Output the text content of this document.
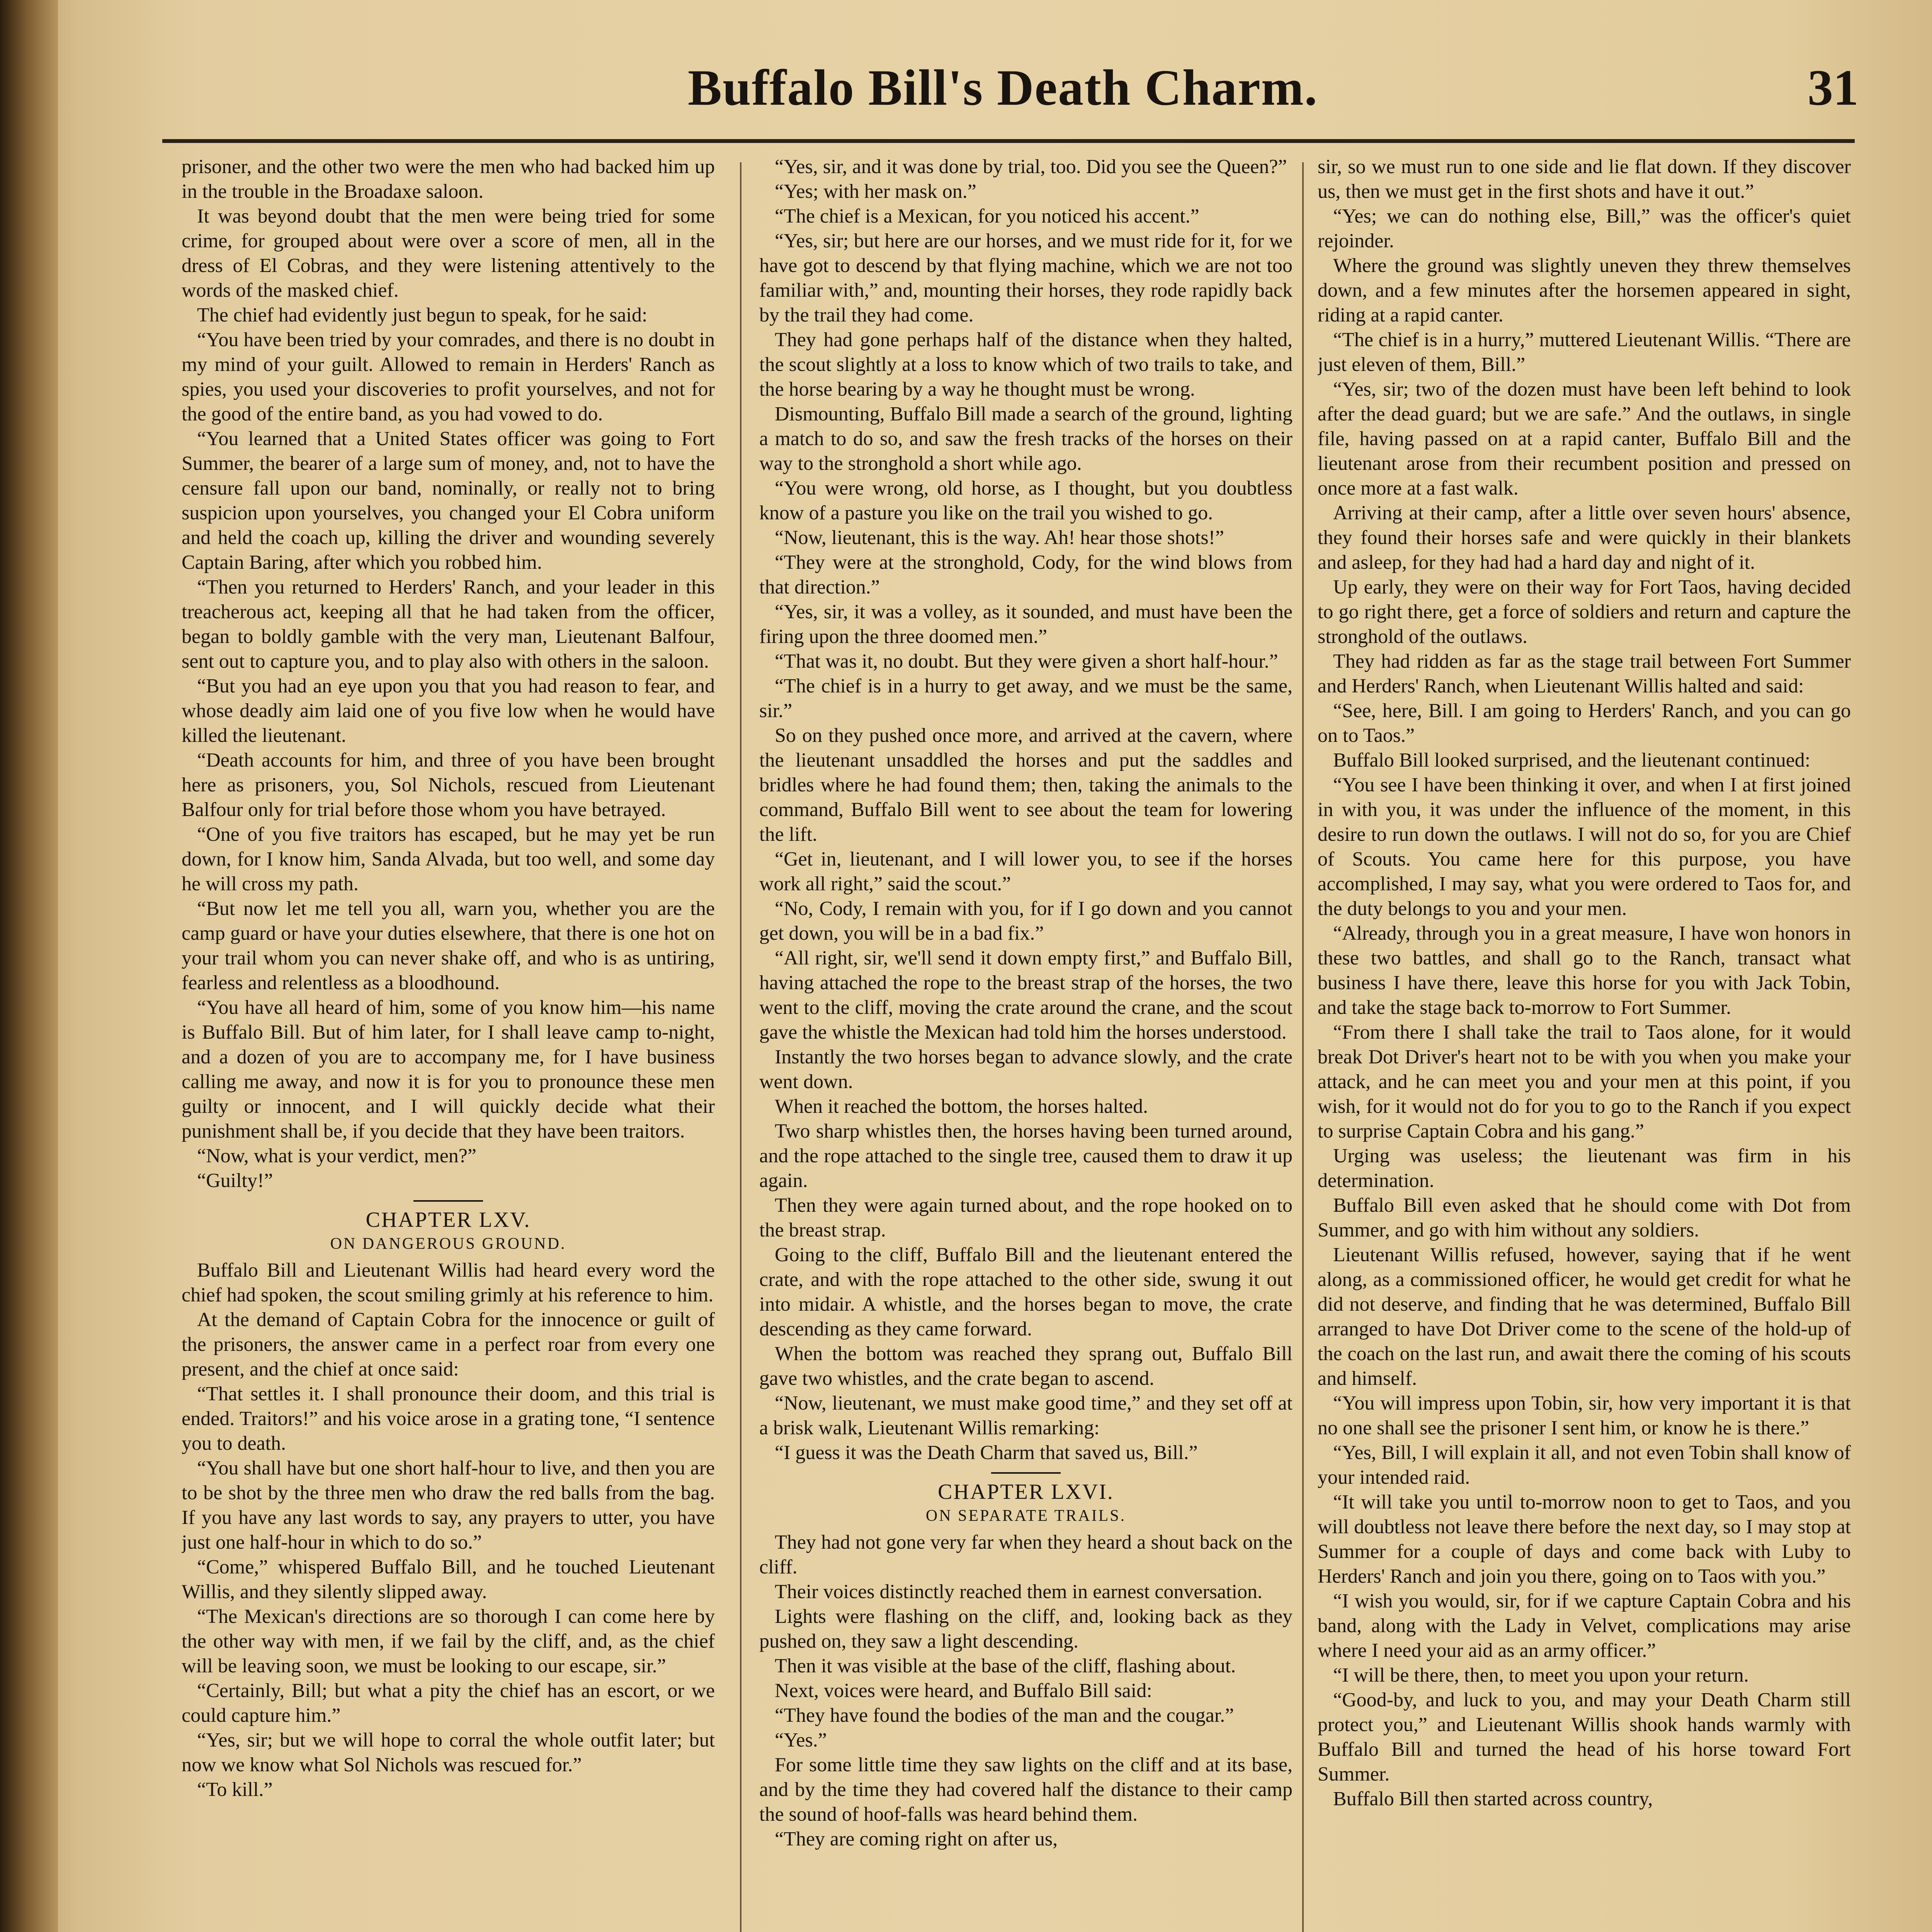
Buffalo Bill's Death Charm.	31

prisoner, and the other two were the men who had backed him up in the trouble in the Broadaxe saloon.

It was beyond doubt that the men were being tried for some crime, for grouped about were over a score of men, all in the dress of El Cobras, and they were listening attentively to the words of the masked chief.

The chief had evidently just begun to speak, for he said:

“You have been tried by your comrades, and there is no doubt in my mind of your guilt. Allowed to remain in Herders' Ranch as spies, you used your discoveries to profit yourselves, and not for the good of the entire band, as you had vowed to do.

“You learned that a United States officer was going to Fort Summer, the bearer of a large sum of money, and, not to have the censure fall upon our band, nominally, or really not to bring suspicion upon yourselves, you changed your El Cobra uniform and held the coach up, killing the driver and wounding severely Captain Baring, after which you robbed him.

“Then you returned to Herders' Ranch, and your leader in this treacherous act, keeping all that he had taken from the officer, began to boldly gamble with the very man, Lieutenant Balfour, sent out to capture you, and to play also with others in the saloon.

“But you had an eye upon you that you had reason to fear, and whose deadly aim laid one of you five low when he would have killed the lieutenant.

“Death accounts for him, and three of you have been brought here as prisoners, you, Sol Nichols, rescued from Lieutenant Balfour only for trial before those whom you have betrayed.

“One of you five traitors has escaped, but he may yet be run down, for I know him, Sanda Alvada, but too well, and some day he will cross my path.

“But now let me tell you all, warn you, whether you are the camp guard or have your duties elsewhere, that there is one hot on your trail whom you can never shake off, and who is as untiring, fearless and relentless as a bloodhound.

“You have all heard of him, some of you know him—his name is Buffalo Bill. But of him later, for I shall leave camp to-night, and a dozen of you are to accompany me, for I have business calling me away, and now it is for you to pronounce these men guilty or innocent, and I will quickly decide what their punishment shall be, if you decide that they have been traitors.

“Now, what is your verdict, men?”

“Guilty!”

CHAPTER LXV.
ON DANGEROUS GROUND.

Buffalo Bill and Lieutenant Willis had heard every word the chief had spoken, the scout smiling grimly at his reference to him.

At the demand of Captain Cobra for the innocence or guilt of the prisoners, the answer came in a perfect roar from every one present, and the chief at once said:

“That settles it. I shall pronounce their doom, and this trial is ended. Traitors!” and his voice arose in a grating tone, “I sentence you to death.

“You shall have but one short half-hour to live, and then you are to be shot by the three men who draw the red balls from the bag. If you have any last words to say, any prayers to utter, you have just one half-hour in which to do so.”

“Come,” whispered Buffalo Bill, and he touched Lieutenant Willis, and they silently slipped away.

“The Mexican's directions are so thorough I can come here by the other way with men, if we fail by the cliff, and, as the chief will be leaving soon, we must be looking to our escape, sir.”

“Certainly, Bill; but what a pity the chief has an escort, or we could capture him.”

“Yes, sir; but we will hope to corral the whole outfit later; but now we know what Sol Nichols was rescued for.”

“To kill.”

“Yes, sir, and it was done by trial, too. Did you see the Queen?”

“Yes; with her mask on.”

“The chief is a Mexican, for you noticed his accent.”

“Yes, sir; but here are our horses, and we must ride for it, for we have got to descend by that flying machine, which we are not too familiar with,” and, mounting their horses, they rode rapidly back by the trail they had come.

They had gone perhaps half of the distance when they halted, the scout slightly at a loss to know which of two trails to take, and the horse bearing by a way he thought must be wrong.

Dismounting, Buffalo Bill made a search of the ground, lighting a match to do so, and saw the fresh tracks of the horses on their way to the stronghold a short while ago.

“You were wrong, old horse, as I thought, but you doubtless know of a pasture you like on the trail you wished to go.

“Now, lieutenant, this is the way. Ah! hear those shots!”

“They were at the stronghold, Cody, for the wind blows from that direction.”

“Yes, sir, it was a volley, as it sounded, and must have been the firing upon the three doomed men.”

“That was it, no doubt. But they were given a short half-hour.”

“The chief is in a hurry to get away, and we must be the same, sir.”

So on they pushed once more, and arrived at the cavern, where the lieutenant unsaddled the horses and put the saddles and bridles where he had found them; then, taking the animals to the command, Buffalo Bill went to see about the team for lowering the lift.

“Get in, lieutenant, and I will lower you, to see if the horses work all right,” said the scout.”

“No, Cody, I remain with you, for if I go down and you cannot get down, you will be in a bad fix.”

“All right, sir, we'll send it down empty first,” and Buffalo Bill, having attached the rope to the breast strap of the horses, the two went to the cliff, moving the crate around the crane, and the scout gave the whistle the Mexican had told him the horses understood.

Instantly the two horses began to advance slowly, and the crate went down.

When it reached the bottom, the horses halted.

Two sharp whistles then, the horses having been turned around, and the rope attached to the single tree, caused them to draw it up again.

Then they were again turned about, and the rope hooked on to the breast strap.

Going to the cliff, Buffalo Bill and the lieutenant entered the crate, and with the rope attached to the other side, swung it out into midair. A whistle, and the horses began to move, the crate descending as they came forward.

When the bottom was reached they sprang out, Buffalo Bill gave two whistles, and the crate began to ascend.

“Now, lieutenant, we must make good time,” and they set off at a brisk walk, Lieutenant Willis remarking:

“I guess it was the Death Charm that saved us, Bill.”

CHAPTER LXVI.
ON SEPARATE TRAILS.

They had not gone very far when they heard a shout back on the cliff.

Their voices distinctly reached them in earnest conversation.

Lights were flashing on the cliff, and, looking back as they pushed on, they saw a light descending.

Then it was visible at the base of the cliff, flashing about.

Next, voices were heard, and Buffalo Bill said:

“They have found the bodies of the man and the cougar.”

“Yes.”

For some little time they saw lights on the cliff and at its base, and by the time they had covered half the distance to their camp the sound of hoof-falls was heard behind them.

“They are coming right on after us,

sir, so we must run to one side and lie flat down. If they discover us, then we must get in the first shots and have it out.”

“Yes; we can do nothing else, Bill,” was the officer's quiet rejoinder.

Where the ground was slightly uneven they threw themselves down, and a few minutes after the horsemen appeared in sight, riding at a rapid canter.

“The chief is in a hurry,” muttered Lieutenant Willis. “There are just eleven of them, Bill.”

“Yes, sir; two of the dozen must have been left behind to look after the dead guard; but we are safe.” And the outlaws, in single file, having passed on at a rapid canter, Buffalo Bill and the lieutenant arose from their recumbent position and pressed on once more at a fast walk.

Arriving at their camp, after a little over seven hours' absence, they found their horses safe and were quickly in their blankets and asleep, for they had had a hard day and night of it.

Up early, they were on their way for Fort Taos, having decided to go right there, get a force of soldiers and return and capture the stronghold of the outlaws.

They had ridden as far as the stage trail between Fort Summer and Herders' Ranch, when Lieutenant Willis halted and said:

“See, here, Bill. I am going to Herders' Ranch, and you can go on to Taos.”

Buffalo Bill looked surprised, and the lieutenant continued:

“You see I have been thinking it over, and when I at first joined in with you, it was under the influence of the moment, in this desire to run down the outlaws. I will not do so, for you are Chief of Scouts. You came here for this purpose, you have accomplished, I may say, what you were ordered to Taos for, and the duty belongs to you and your men.

“Already, through you in a great measure, I have won honors in these two battles, and shall go to the Ranch, transact what business I have there, leave this horse for you with Jack Tobin, and take the stage back to-morrow to Fort Summer.

“From there I shall take the trail to Taos alone, for it would break Dot Driver's heart not to be with you when you make your attack, and he can meet you and your men at this point, if you wish, for it would not do for you to go to the Ranch if you expect to surprise Captain Cobra and his gang.”

Urging was useless; the lieutenant was firm in his determination.

Buffalo Bill even asked that he should come with Dot from Summer, and go with him without any soldiers.

Lieutenant Willis refused, however, saying that if he went along, as a commissioned officer, he would get credit for what he did not deserve, and finding that he was determined, Buffalo Bill arranged to have Dot Driver come to the scene of the hold-up of the coach on the last run, and await there the coming of his scouts and himself.

“You will impress upon Tobin, sir, how very important it is that no one shall see the prisoner I sent him, or know he is there.”

“Yes, Bill, I will explain it all, and not even Tobin shall know of your intended raid.

“It will take you until to-morrow noon to get to Taos, and you will doubtless not leave there before the next day, so I may stop at Summer for a couple of days and come back with Luby to Herders' Ranch and join you there, going on to Taos with you.”

“I wish you would, sir, for if we capture Captain Cobra and his band, along with the Lady in Velvet, complications may arise where I need your aid as an army officer.”

“I will be there, then, to meet you upon your return.

“Good-by, and luck to you, and may your Death Charm still protect you,” and Lieutenant Willis shook hands warmly with Buffalo Bill and turned the head of his horse toward Fort Summer.

Buffalo Bill then started across country,
